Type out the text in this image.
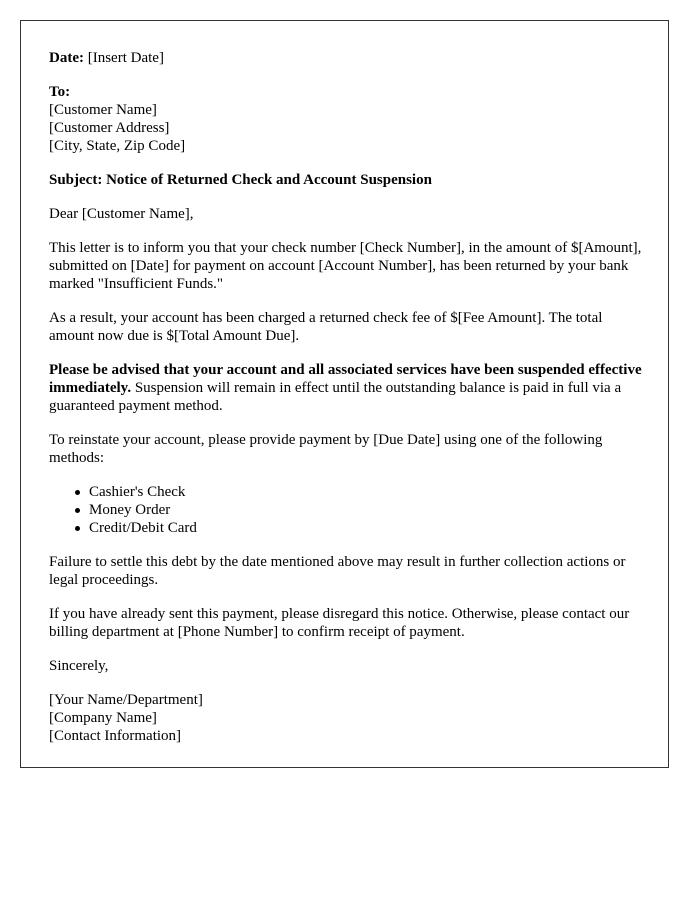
Date: [Insert Date]

To:
[Customer Name]
[Customer Address]
[City, State, Zip Code]

Subject: Notice of Returned Check and Account Suspension

Dear [Customer Name],

This letter is to inform you that your check number [Check Number], in the amount of $[Amount], submitted on [Date] for payment on account [Account Number], has been returned by your bank marked "Insufficient Funds."

As a result, your account has been charged a returned check fee of $[Fee Amount]. The total amount now due is $[Total Amount Due].

Please be advised that your account and all associated services have been suspended effective immediately. Suspension will remain in effect until the outstanding balance is paid in full via a guaranteed payment method.

To reinstate your account, please provide payment by [Due Date] using one of the following methods:

Cashier's Check
Money Order
Credit/Debit Card

Failure to settle this debt by the date mentioned above may result in further collection actions or legal proceedings.

If you have already sent this payment, please disregard this notice. Otherwise, please contact our billing department at [Phone Number] to confirm receipt of payment.

Sincerely,

[Your Name/Department]
[Company Name]
[Contact Information]
